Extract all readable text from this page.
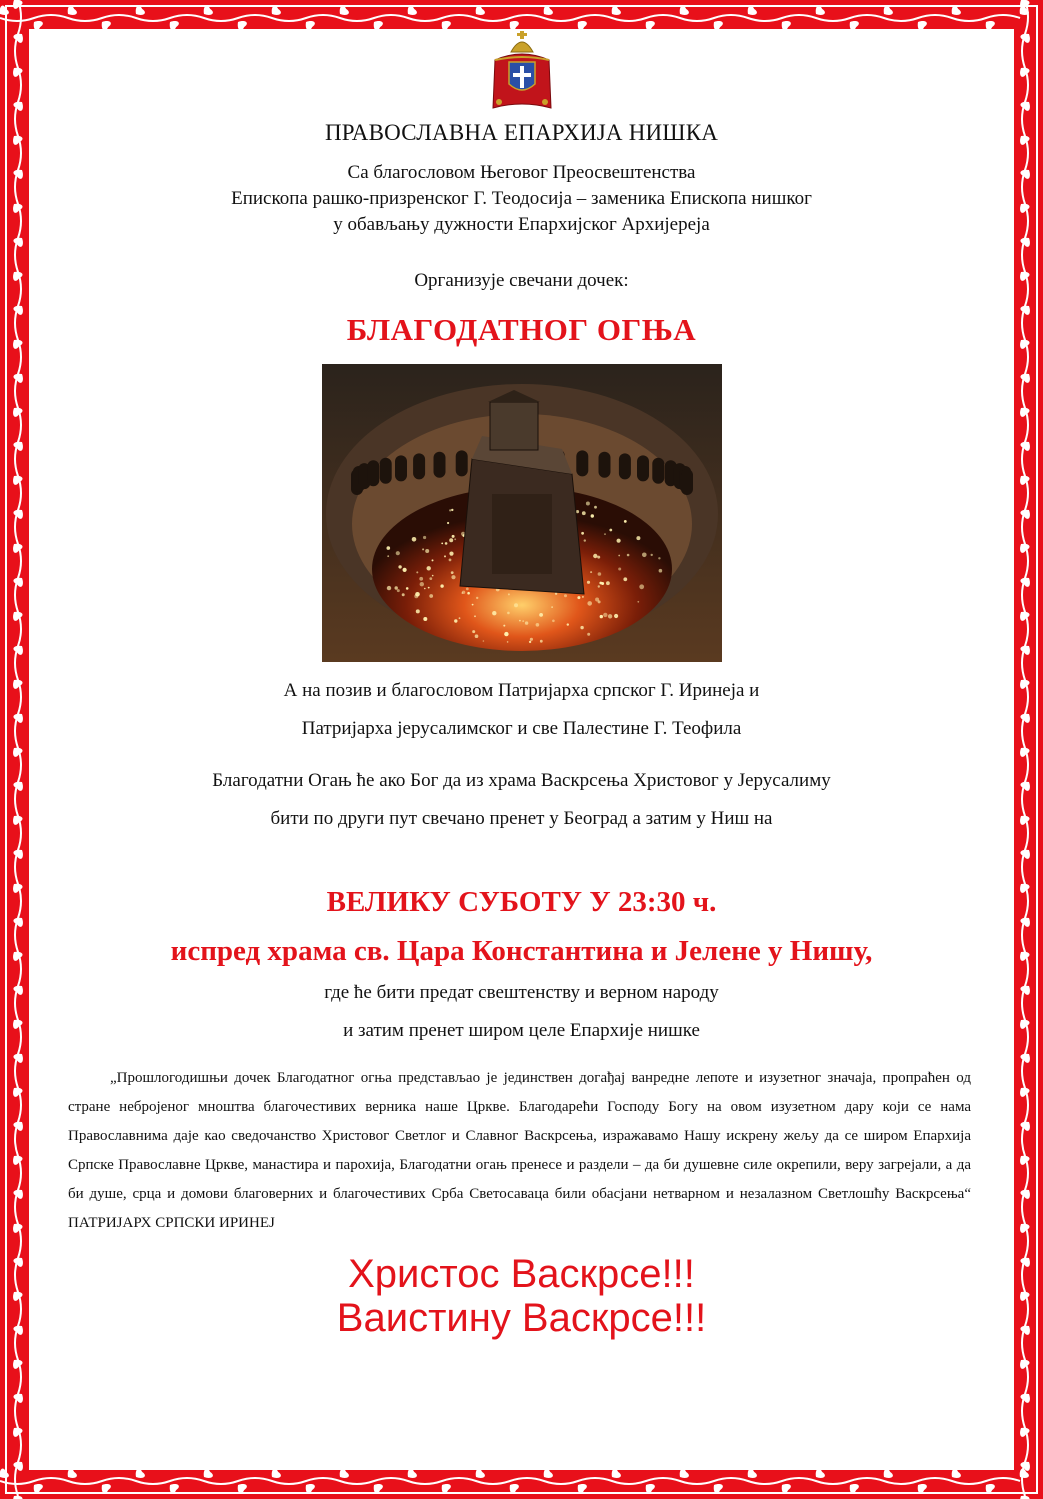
ПРАВОСЛАВНА ЕПАРХИЈА НИШКА
Са благословом Његовог Преосвештенства
Епископа рашко-призренског Г. Теодосија – заменика Епископа нишког
у обављању дужности Епархијског Архијереја
Организује свечани дочек:
БЛАГОДАТНОГ ОГЊА
А на позив и благословом Патријарха српског Г. Иринеја и
Патријарха јерусалимског и све Палестине Г. Теофила
Благодатни Огањ ће ако Бог да из храма Васкрсења Христовог у Јерусалиму
бити по други пут свечано пренет у Београд а затим у Ниш на
ВЕЛИКУ СУБОТУ У 23:30 ч.
испред храма св. Цара Константина и Јелене у Нишу,
где ће бити предат свештенству и верном народу
и затим пренет широм целе Епархије нишке
„Прошлогодишњи дочек Благодатног огња представљао је јединствен догађај ванредне лепоте и изузетног значаја, пропраћен од стране небројеног мноштва благочестивих верника наше Цркве. Благодарећи Господу Богу на овом изузетном дару који се нама Православнима даје као сведочанство Христовог Светлог и Славног Васкрсења, изражавамо Нашу искрену жељу да се широм Епархија Српске Православне Цркве, манастира и парохија, Благодатни огањ пренесе и раздели – да би душевне силе окрепили, веру загрејали, а да би душе, срца и домови благоверних и благочестивих Срба Светосаваца били обасјани нетварном и незалазном Светлошћу Васкрсења“ ПАТРИЈАРХ СРПСКИ ИРИНЕЈ
Христос Васкрсе!!!
Ваистину Васкрсе!!!
